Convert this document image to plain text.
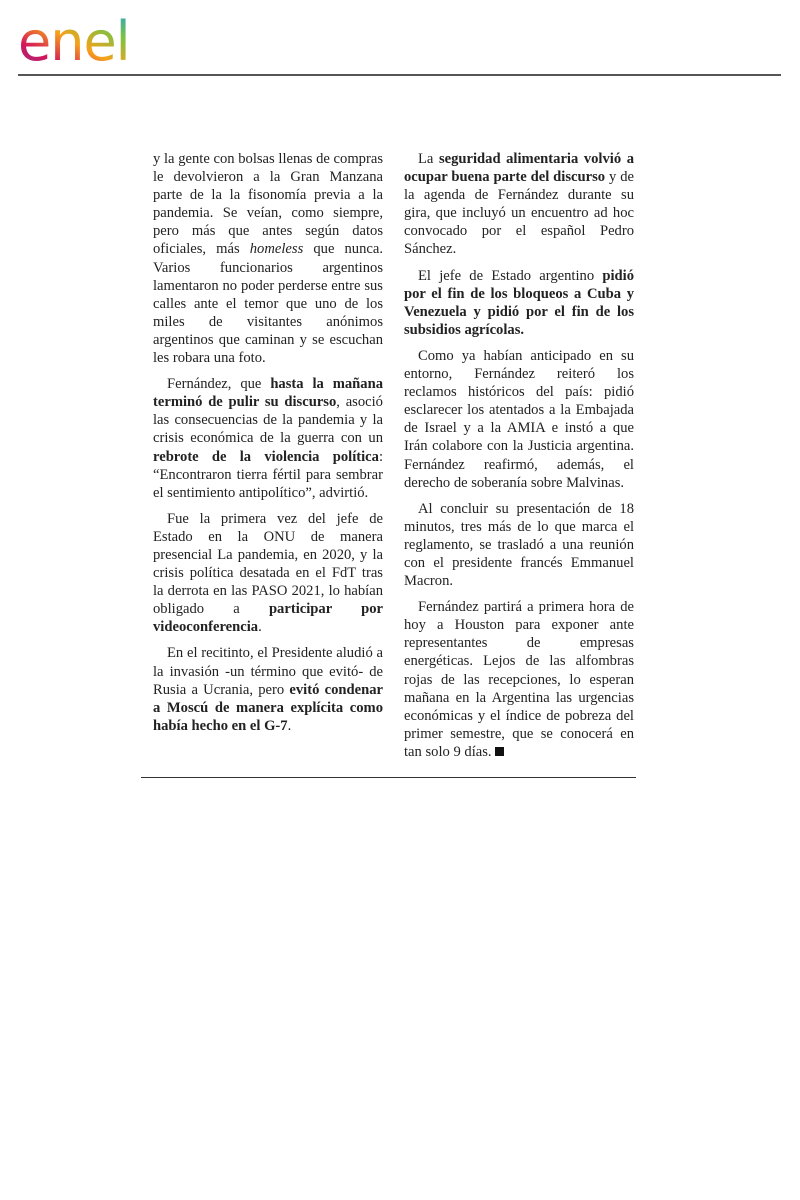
enel

y la gente con bolsas llenas de compras le devolvieron a la Gran Manzana parte de la la fisonomía previa a la pandemia. Se veían, como siempre, pero más que antes según datos oficiales, más homeless que nunca. Varios funcionarios argentinos lamentaron no poder perderse entre sus calles ante el temor que uno de los miles de visitantes anónimos argentinos que caminan y se escuchan les robara una foto.

Fernández, que hasta la mañana terminó de pulir su discurso, asoció las consecuencias de la pandemia y la crisis económica de la guerra con un rebrote de la violencia política: “Encontraron tierra fértil para sembrar el sentimiento antipolítico”, advirtió.

Fue la primera vez del jefe de Estado en la ONU de manera presencial La pandemia, en 2020, y la crisis política desatada en el FdT tras la derrota en las PASO 2021, lo habían obligado a participar por videoconferencia.

En el recitinto, el Presidente aludió a la invasión -un término que evitó- de Rusia a Ucrania, pero evitó condenar a Moscú de manera explícita como había hecho en el G-7.

La seguridad alimentaria volvió a ocupar buena parte del discurso y de la agenda de Fernández durante su gira, que incluyó un encuentro ad hoc convocado por el español Pedro Sánchez.

El jefe de Estado argentino pidió por el fin de los bloqueos a Cuba y Venezuela y pidió por el fin de los subsidios agrícolas.

Como ya habían anticipado en su entorno, Fernández reiteró los reclamos históricos del país: pidió esclarecer los atentados a la Embajada de Israel y a la AMIA e instó a que Irán colabore con la Justicia argentina. Fernández reafirmó, además, el derecho de soberanía sobre Malvinas.

Al concluir su presentación de 18 minutos, tres más de lo que marca el reglamento, se trasladó a una reunión con el presidente francés Emmanuel Macron.

Fernández partirá a primera hora de hoy a Houston para exponer ante representantes de empresas energéticas. Lejos de las alfombras rojas de las recepciones, lo esperan mañana en la Argentina las urgencias económicas y el índice de pobreza del primer semestre, que se conocerá en tan solo 9 días.
